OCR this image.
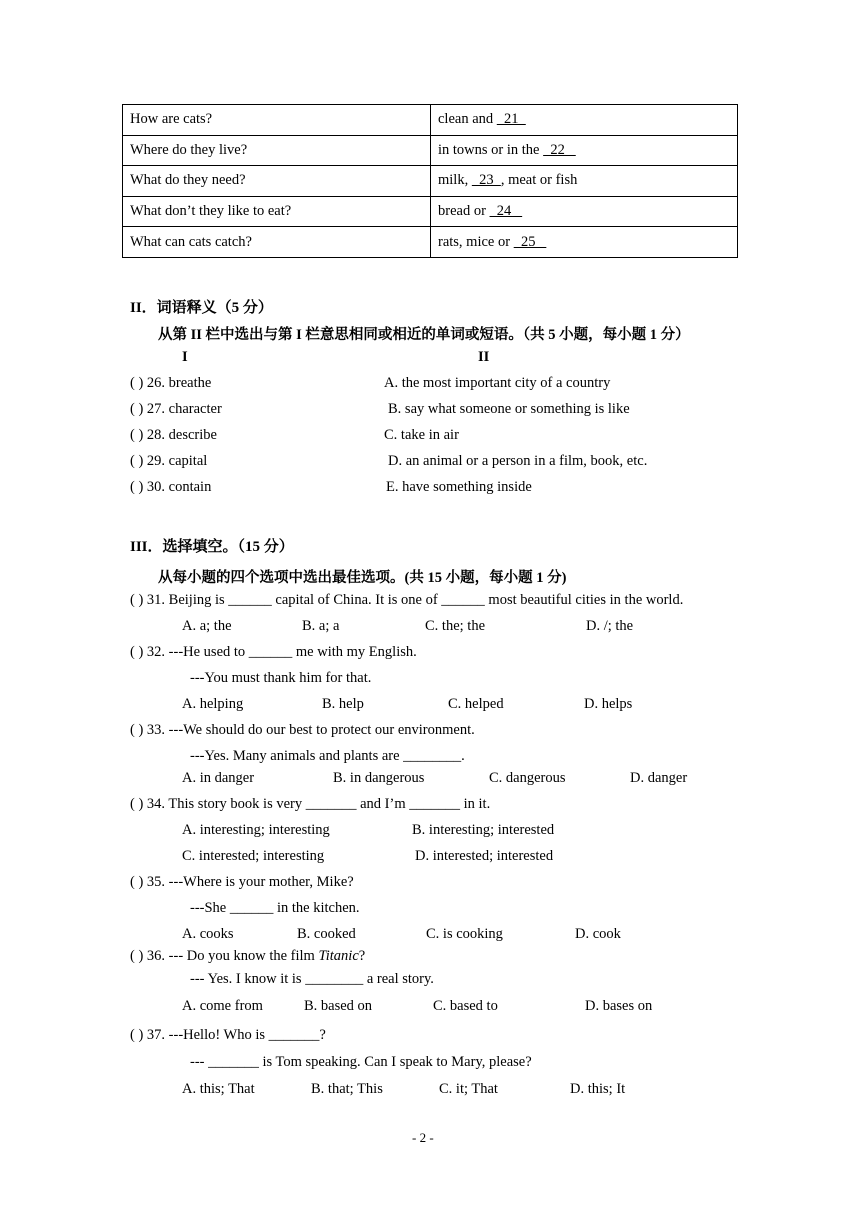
How are cats?	clean and   21
Where do they live?	in towns or in the   22
What do they need?	milk,   23  , meat or fish
What don’t they like to eat?	bread or   24
What can cats catch?	rats, mice or   25
II．词语释义（5 分）
从第 II 栏中选出与第 I 栏意思相同或相近的单词或短语。（共 5 小题，每小题 1 分）
I	II
( ) 26. breathe	A. the most important city of a country
( ) 27. character	B. say what someone or something is like
( ) 28. describe	C. take in air
( ) 29. capital	D. an animal or a person in a film, book, etc.
( ) 30. contain	E. have something inside
III．选择填空。（15 分）
从每小题的四个选项中选出最佳选项。(共 15 小题，每小题 1 分)
( ) 31. Beijing is ______ capital of China. It is one of ______ most beautiful cities in the world.
A. a; the	B. a; a	C. the; the	D. /; the
( ) 32. ---He used to ______ me with my English.
---You must thank him for that.
A. helping	B. help	C. helped	D. helps
( ) 33. ---We should do our best to protect our environment.
---Yes. Many animals and plants are ________.
A. in danger	B. in dangerous	C. dangerous	D. danger
( ) 34. This story book is very _______ and I’m _______ in it.
A. interesting; interesting	B. interesting; interested
C. interested; interesting	D. interested; interested
( ) 35. ---Where is your mother, Mike?
---She ______ in the kitchen.
A. cooks	B. cooked	C. is cooking	D. cook
( ) 36. --- Do you know the film Titanic?
--- Yes. I know it is ________ a real story.
A. come from	B. based on	C. based to	D. bases on
( ) 37. ---Hello! Who is _______?
--- _______ is Tom speaking. Can I speak to Mary, please?
A. this; That	B. that; This	C. it; That	D. this; It
- 2 -
